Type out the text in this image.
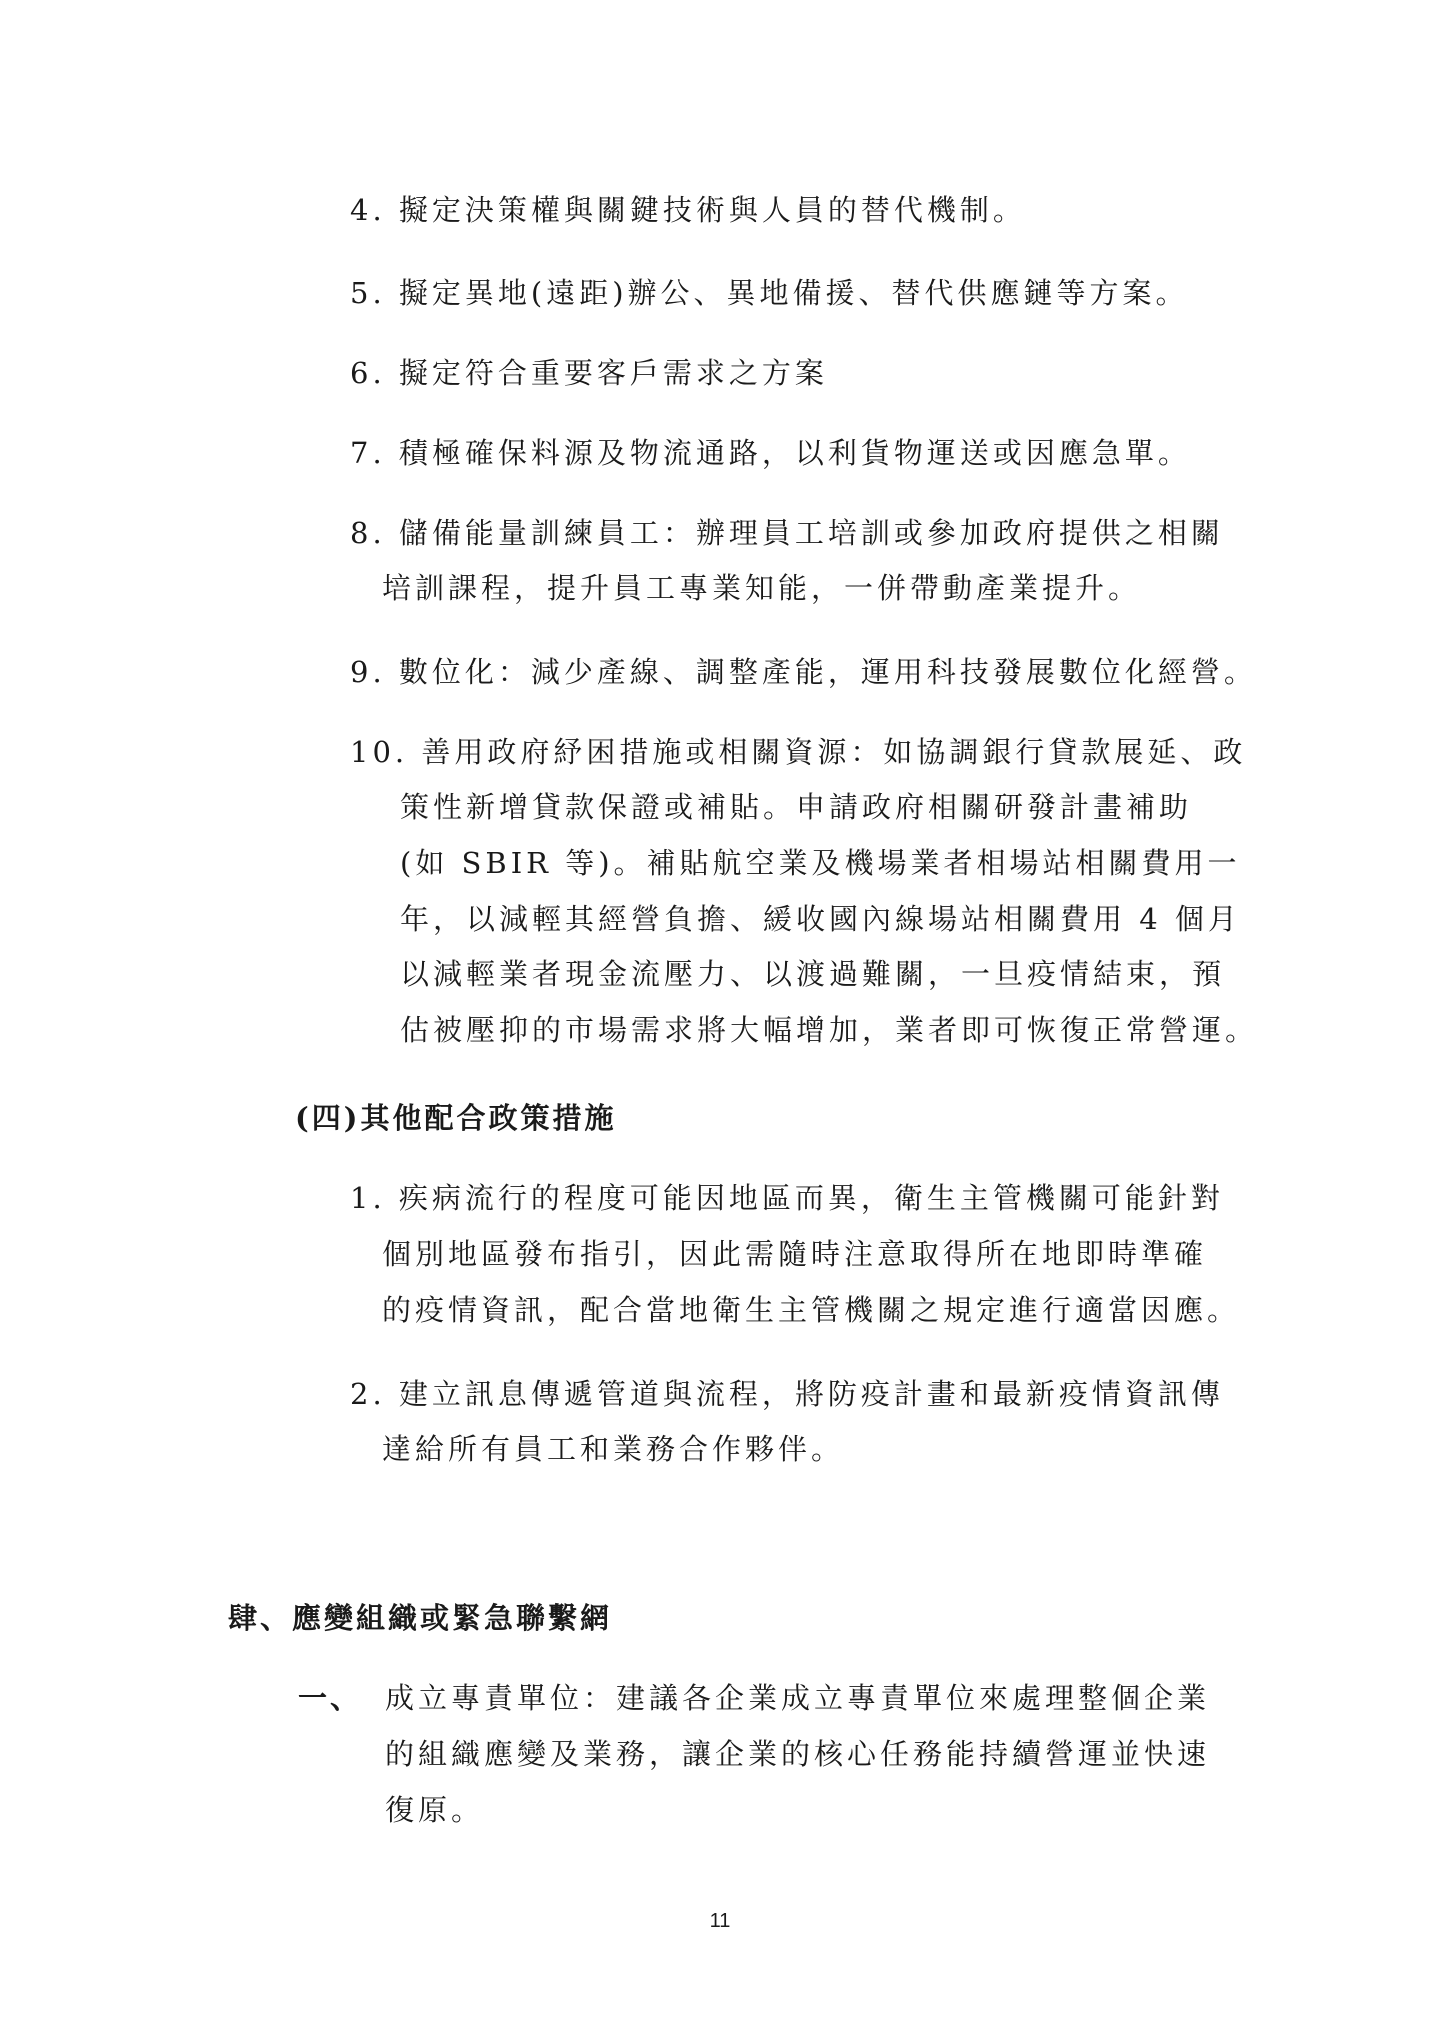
4. 擬定決策權與關鍵技術與人員的替代機制。
5. 擬定異地(遠距)辦公、異地備援、替代供應鏈等方案。
6. 擬定符合重要客戶需求之方案
7. 積極確保料源及物流通路，以利貨物運送或因應急單。
8. 儲備能量訓練員工：辦理員工培訓或參加政府提供之相關
培訓課程，提升員工專業知能，一併帶動產業提升。
9. 數位化：減少產線、調整產能，運用科技發展數位化經營。
10. 善用政府紓困措施或相關資源：如協調銀行貸款展延、政
策性新增貸款保證或補貼。申請政府相關研發計畫補助
(如 SBIR 等)。補貼航空業及機場業者相場站相關費用一
年，以減輕其經營負擔、緩收國內線場站相關費用 4 個月
以減輕業者現金流壓力、以渡過難關，一旦疫情結束，預
估被壓抑的市場需求將大幅增加，業者即可恢復正常營運。
(四)其他配合政策措施
1. 疾病流行的程度可能因地區而異，衛生主管機關可能針對
個別地區發布指引，因此需隨時注意取得所在地即時準確
的疫情資訊，配合當地衛生主管機關之規定進行適當因應。
2. 建立訊息傳遞管道與流程，將防疫計畫和最新疫情資訊傳
達給所有員工和業務合作夥伴。
肆、應變組織或緊急聯繫網
一、 成立專責單位：建議各企業成立專責單位來處理整個企業
的組織應變及業務，讓企業的核心任務能持續營運並快速
復原。
11
